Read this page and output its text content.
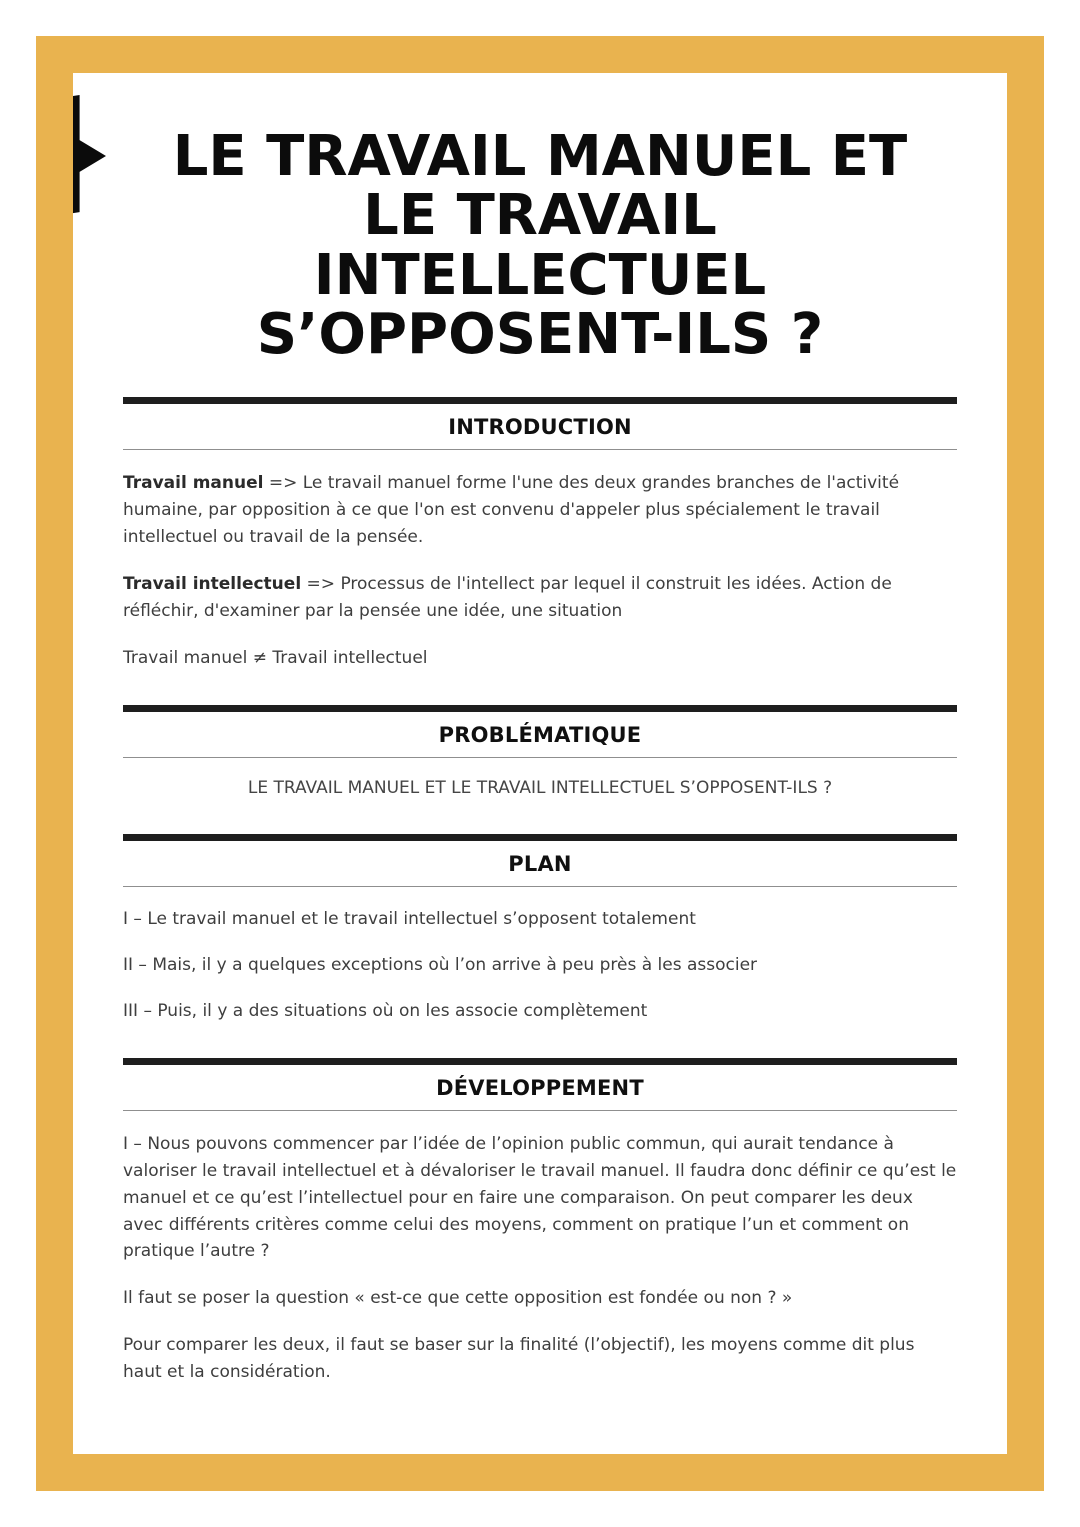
LE TRAVAIL MANUEL ET
LE TRAVAIL
INTELLECTUEL
S’OPPOSENT-ILS ?
INTRODUCTION

Travail manuel => Le travail manuel forme l'une des deux grandes branches de l'activité humaine, par opposition à ce que l'on est convenu d'appeler plus spécialement le travail intellectuel ou travail de la pensée.

Travail intellectuel => Processus de l'intellect par lequel il construit les idées. Action de réfléchir, d'examiner par la pensée une idée, une situation

Travail manuel ≠ Travail intellectuel

PROBLÉMATIQUE

LE TRAVAIL MANUEL ET LE TRAVAIL INTELLECTUEL S’OPPOSENT-ILS ?

PLAN

I – Le travail manuel et le travail intellectuel s’opposent totalement

II – Mais, il y a quelques exceptions où l’on arrive à peu près à les associer

III – Puis, il y a des situations où on les associe complètement

DÉVELOPPEMENT

I – Nous pouvons commencer par l’idée de l’opinion public commun, qui aurait tendance à valoriser le travail intellectuel et à dévaloriser le travail manuel. Il faudra donc définir ce qu’est le manuel et ce qu’est l’intellectuel pour en faire une comparaison. On peut comparer les deux avec différents critères comme celui des moyens, comment on pratique l’un et comment on pratique l’autre ?

Il faut se poser la question « est-ce que cette opposition est fondée ou non ? »

Pour comparer les deux, il faut se baser sur la finalité (l’objectif), les moyens comme dit plus haut et la considération.
